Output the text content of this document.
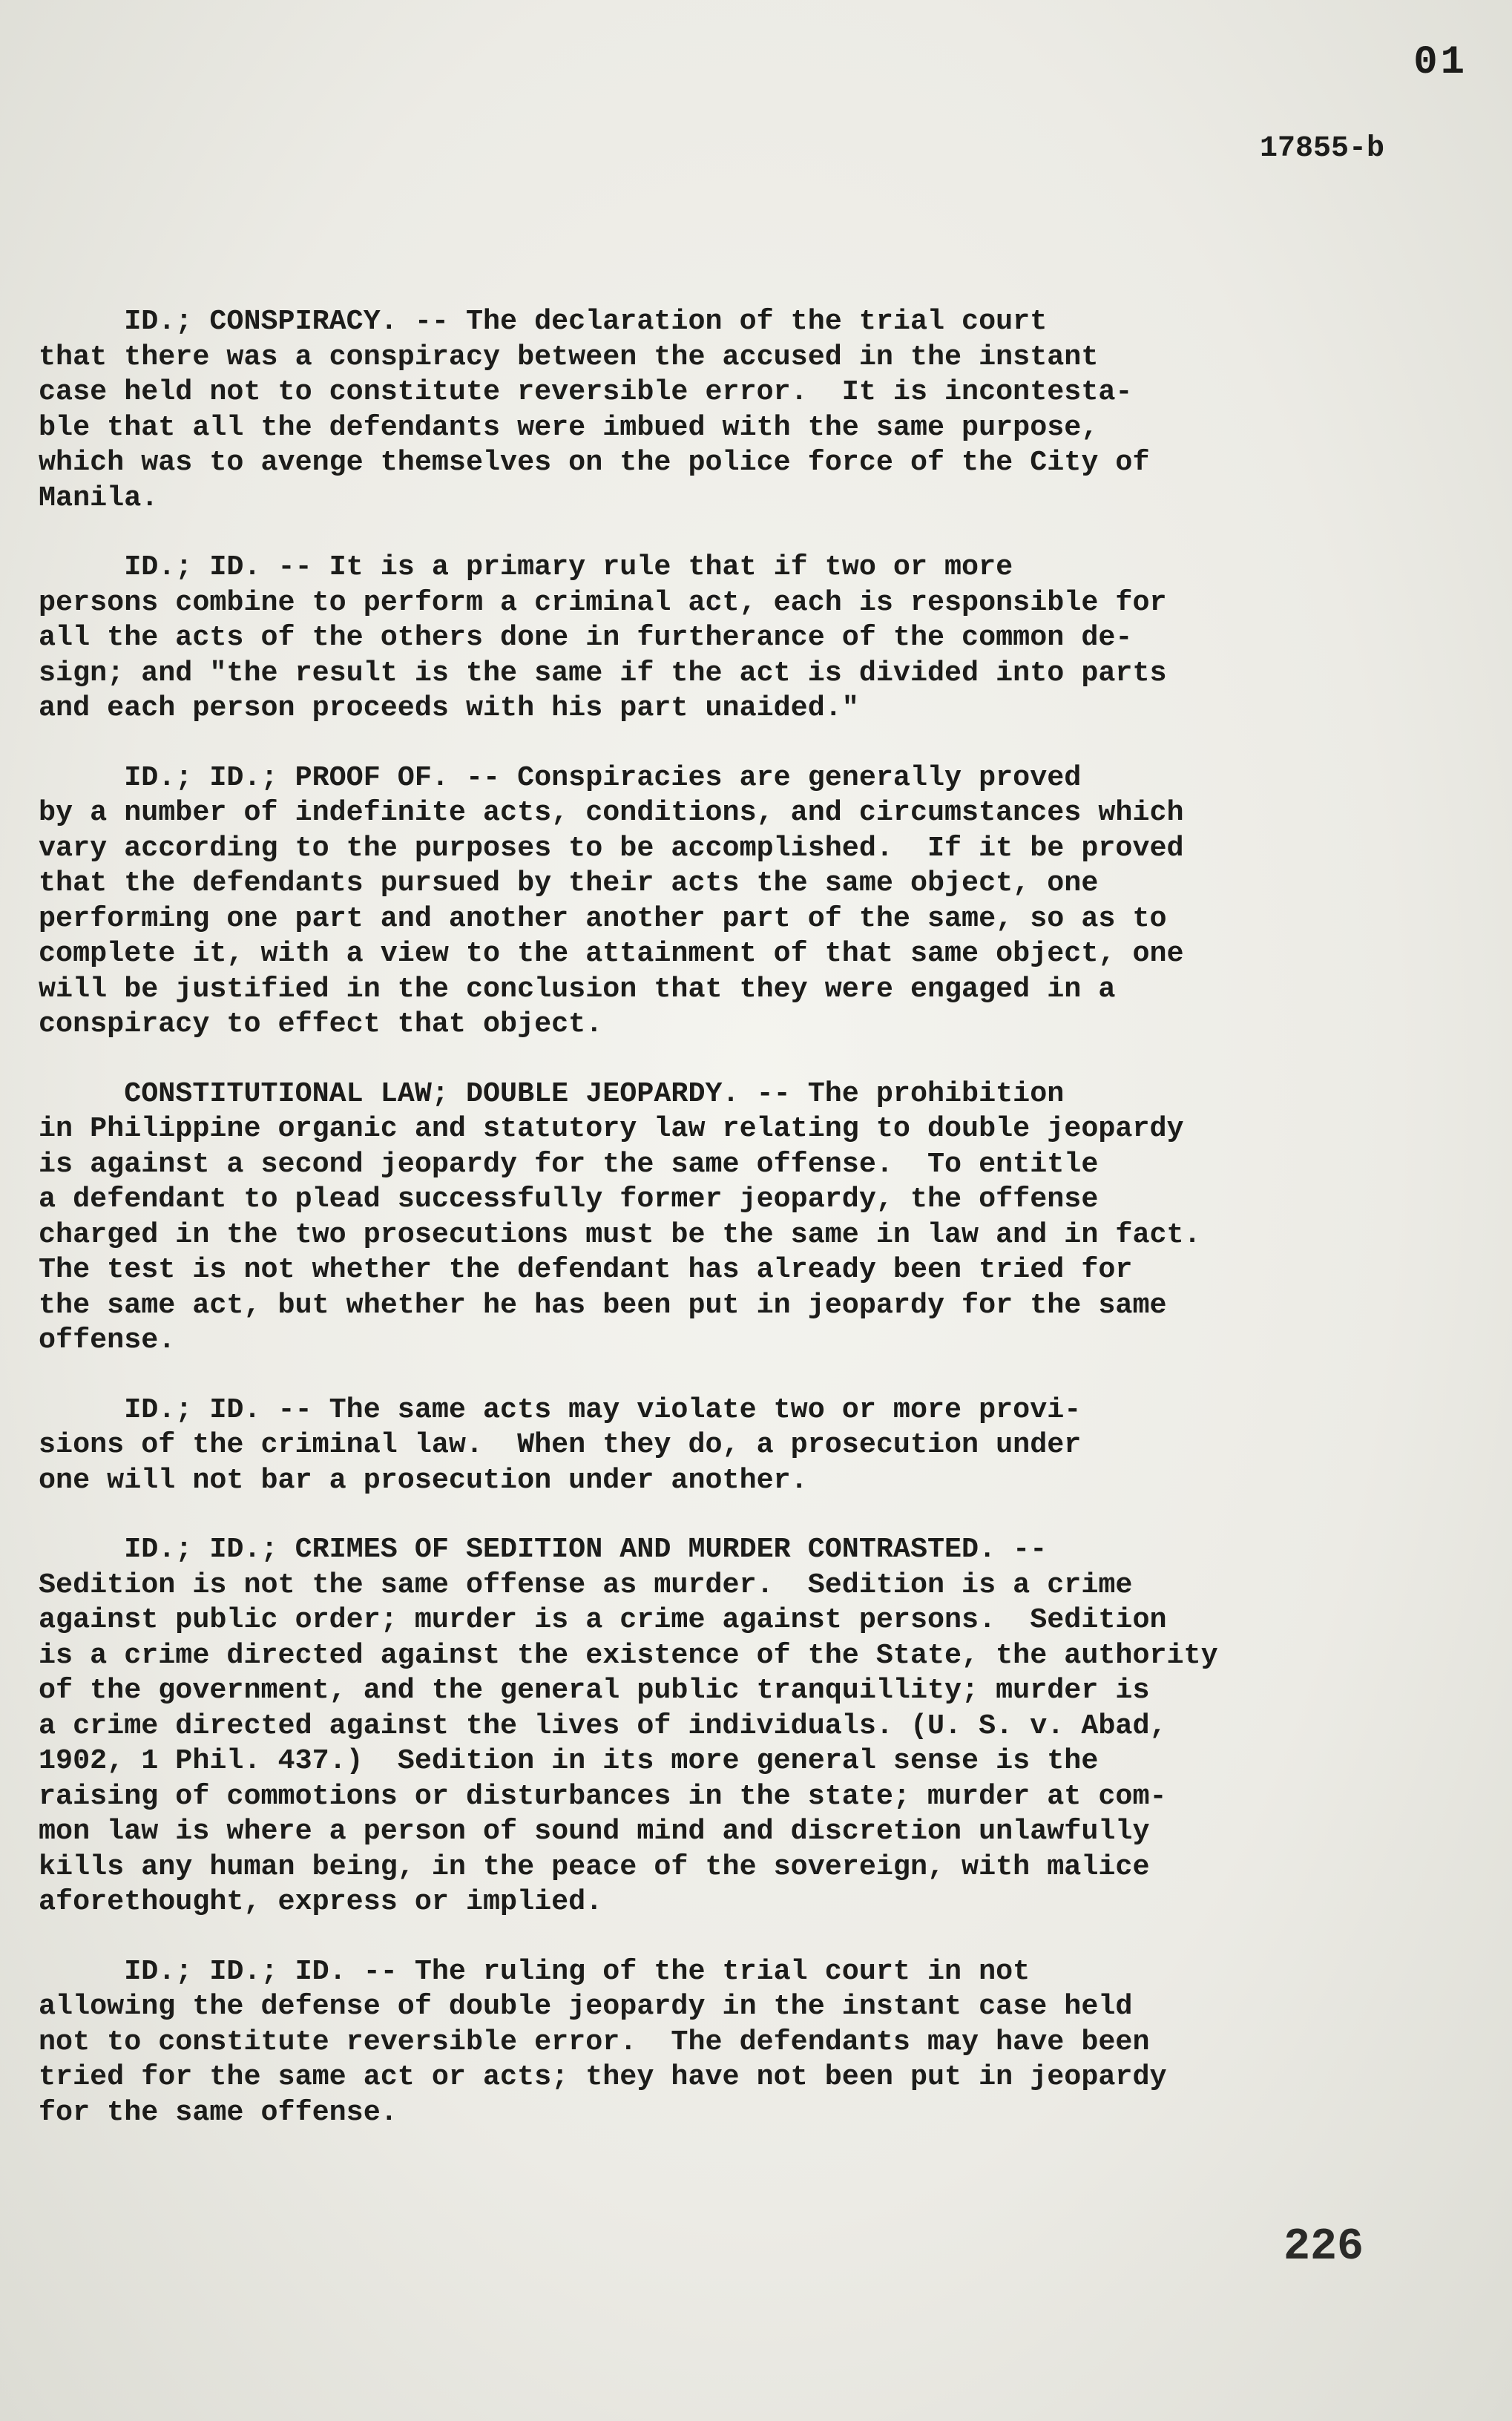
01
17855-b

ID.; CONSPIRACY. -- The declaration of the trial court
that there was a conspiracy between the accused in the instant
case held not to constitute reversible error.  It is incontesta-
ble that all the defendants were imbued with the same purpose,
which was to avenge themselves on the police force of the City of
Manila.

ID.; ID. -- It is a primary rule that if two or more
persons combine to perform a criminal act, each is responsible for
all the acts of the others done in furtherance of the common de-
sign; and "the result is the same if the act is divided into parts
and each person proceeds with his part unaided."

ID.; ID.; PROOF OF. -- Conspiracies are generally proved
by a number of indefinite acts, conditions, and circumstances which
vary according to the purposes to be accomplished.  If it be proved
that the defendants pursued by their acts the same object, one
performing one part and another another part of the same, so as to
complete it, with a view to the attainment of that same object, one
will be justified in the conclusion that they were engaged in a
conspiracy to effect that object.

CONSTITUTIONAL LAW; DOUBLE JEOPARDY. -- The prohibition
in Philippine organic and statutory law relating to double jeopardy
is against a second jeopardy for the same offense.  To entitle
a defendant to plead successfully former jeopardy, the offense
charged in the two prosecutions must be the same in law and in fact.
The test is not whether the defendant has already been tried for
the same act, but whether he has been put in jeopardy for the same
offense.

ID.; ID. -- The same acts may violate two or more provi-
sions of the criminal law.  When they do, a prosecution under
one will not bar a prosecution under another.

ID.; ID.; CRIMES OF SEDITION AND MURDER CONTRASTED. --
Sedition is not the same offense as murder.  Sedition is a crime
against public order; murder is a crime against persons.  Sedition
is a crime directed against the existence of the State, the authority
of the government, and the general public tranquillity; murder is
a crime directed against the lives of individuals. (U. S. v. Abad,
1902, 1 Phil. 437.)  Sedition in its more general sense is the
raising of commotions or disturbances in the state; murder at com-
mon law is where a person of sound mind and discretion unlawfully
kills any human being, in the peace of the sovereign, with malice
aforethought, express or implied.

ID.; ID.; ID. -- The ruling of the trial court in not
allowing the defense of double jeopardy in the instant case held
not to constitute reversible error.  The defendants may have been
tried for the same act or acts; they have not been put in jeopardy
for the same offense.

226
